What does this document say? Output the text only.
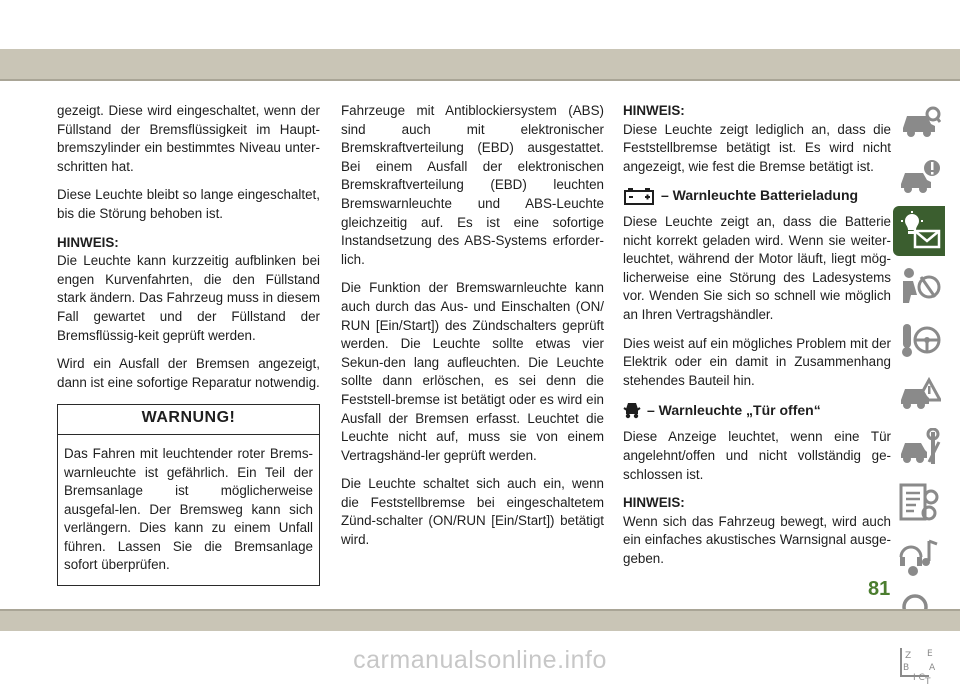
gezeigt. Diese wird eingeschaltet, wenn der Füllstand der Bremsflüssigkeit im Haupt-bremszylinder ein bestimmtes Niveau unter-schritten hat.

Diese Leuchte bleibt so lange eingeschaltet, bis die Störung behoben ist.

HINWEIS:

Die Leuchte kann kurzzeitig aufblinken bei engen Kurvenfahrten, die den Füllstand stark ändern. Das Fahrzeug muss in diesem Fall gewartet und der Füllstand der Bremsflüssig-keit geprüft werden.

Wird ein Ausfall der Bremsen angezeigt, dann ist eine sofortige Reparatur notwendig.

WARNUNG!

Das Fahren mit leuchtender roter Brems-warnleuchte ist gefährlich. Ein Teil der Bremsanlage ist möglicherweise ausgefal-len. Der Bremsweg kann sich verlängern. Dies kann zu einem Unfall führen. Lassen Sie die Bremsanlage sofort überprüfen.

Fahrzeuge mit Antiblockiersystem (ABS) sind auch mit elektronischer Bremskraftverteilung (EBD) ausgestattet. Bei einem Ausfall der elektronischen Bremskraftverteilung (EBD) leuchten Bremswarnleuchte und ABS-Leuchte gleichzeitig auf. Es ist eine sofortige Instandsetzung des ABS-Systems erforder-lich.

Die Funktion der Bremswarnleuchte kann auch durch das Aus- und Einschalten (ON/ RUN [Ein/Start]) des Zündschalters geprüft werden. Die Leuchte sollte etwas vier Sekun-den lang aufleuchten. Die Leuchte sollte dann erlöschen, es sei denn die Feststell-bremse ist betätigt oder es wird ein Ausfall der Bremsen erfasst. Leuchtet die Leuchte nicht auf, muss sie von einem Vertragshänd-ler geprüft werden.

Die Leuchte schaltet sich auch ein, wenn die Feststellbremse bei eingeschaltetem Zünd-schalter (ON/RUN [Ein/Start]) betätigt wird.

HINWEIS:

Diese Leuchte zeigt lediglich an, dass die Feststellbremse betätigt ist. Es wird nicht angezeigt, wie fest die Bremse betätigt ist.

– Warnleuchte Batterieladung

Diese Leuchte zeigt an, dass die Batterie nicht korrekt geladen wird. Wenn sie weiter-leuchtet, während der Motor läuft, liegt mög-licherweise eine Störung des Ladesystems vor. Wenden Sie sich so schnell wie möglich an Ihren Vertragshändler.

Dies weist auf ein mögliches Problem mit der Elektrik oder ein damit in Zusammenhang stehendes Bauteil hin.

– Warnleuchte „Tür offen“

Diese Anzeige leuchtet, wenn eine Tür angelehnt/offen und nicht vollständig ge-schlossen ist.

HINWEIS:

Wenn sich das Fahrzeug bewegt, wird auch ein einfaches akustisches Warnsignal ausge-geben.

Z E
B A
I C T
81
carmanualsonline.info
